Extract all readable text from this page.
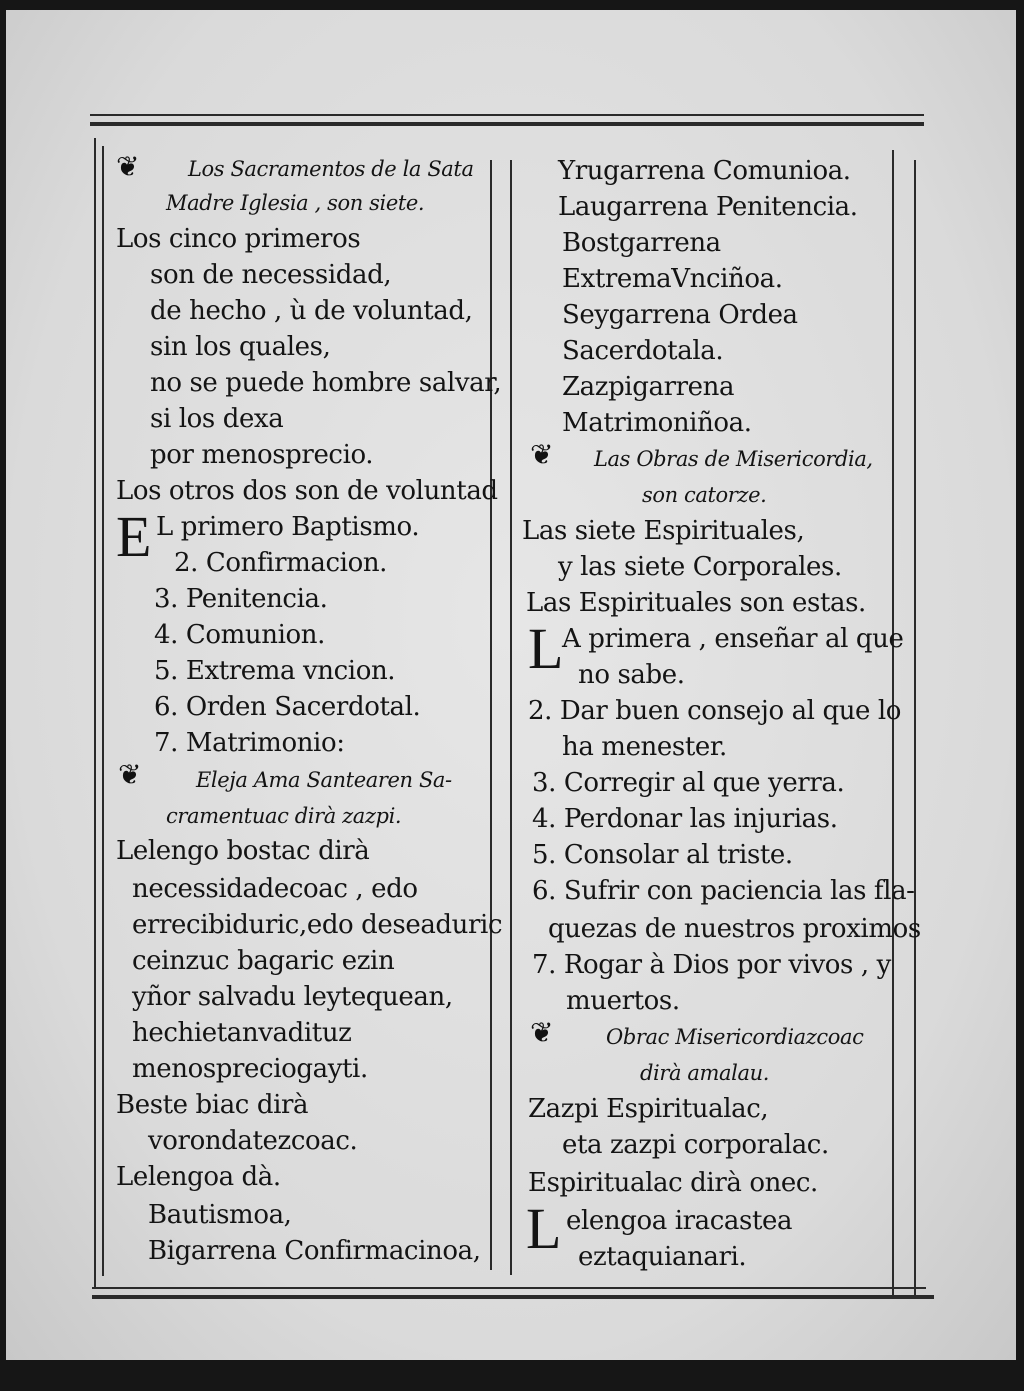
❦ Los Sacramentos de la Sata
Madre Iglesia , son siete.
Los cinco primeros
son de necessidad,
de hecho , ù de voluntad,
sin los quales,
no se puede hombre salvar,
si los dexa
por menosprecio.
Los otros dos son de voluntad
E L primero Baptismo.
2. Confirmacion.
3. Penitencia.
4. Comunion.
5. Extrema vncion.
6. Orden Sacerdotal.
7. Matrimonio:
❦	Eleja Ama Santearen Sa-
cramentuac dirà zazpi.
Lelengo bostac dirà
necessidadecoac , edo
errecibiduric,edo deseaduric
ceinzuc bagaric ezin
yñor salvadu leytequean,
hechietanvadituz
menospreciogayti.
Beste biac dirà
vorondatezcoac.
Lelengoa dà.
Bautismoa,
Bigarrena Confirmacinoa,
Yrugarrena Comunioa.
Laugarrena Penitencia.
Bostgarrena
ExtremaVnciñoa.
Seygarrena Ordea
Sacerdotala.
Zazpigarrena
Matrimoniñoa.
❦ Las Obras de Misericordia,
son catorze.
Las siete Espirituales,
y las siete Corporales.
Las Espirituales son estas.
L
A primera , enseñar al que
no sabe.
2. Dar buen consejo al que lo
ha menester.
3. Corregir al que yerra.
4. Perdonar las injurias.
5. Consolar al triste.
6. Sufrir con paciencia las fla-
quezas de nuestros proximos
7. Rogar à Dios por vivos , y
muertos.
❦	Obrac Misericordiazcoac
dirà amalau.
Zazpi Espiritualac,
eta zazpi corporalac.
Espiritualac dirà onec.
L elengoa iracastea
eztaquianari.
